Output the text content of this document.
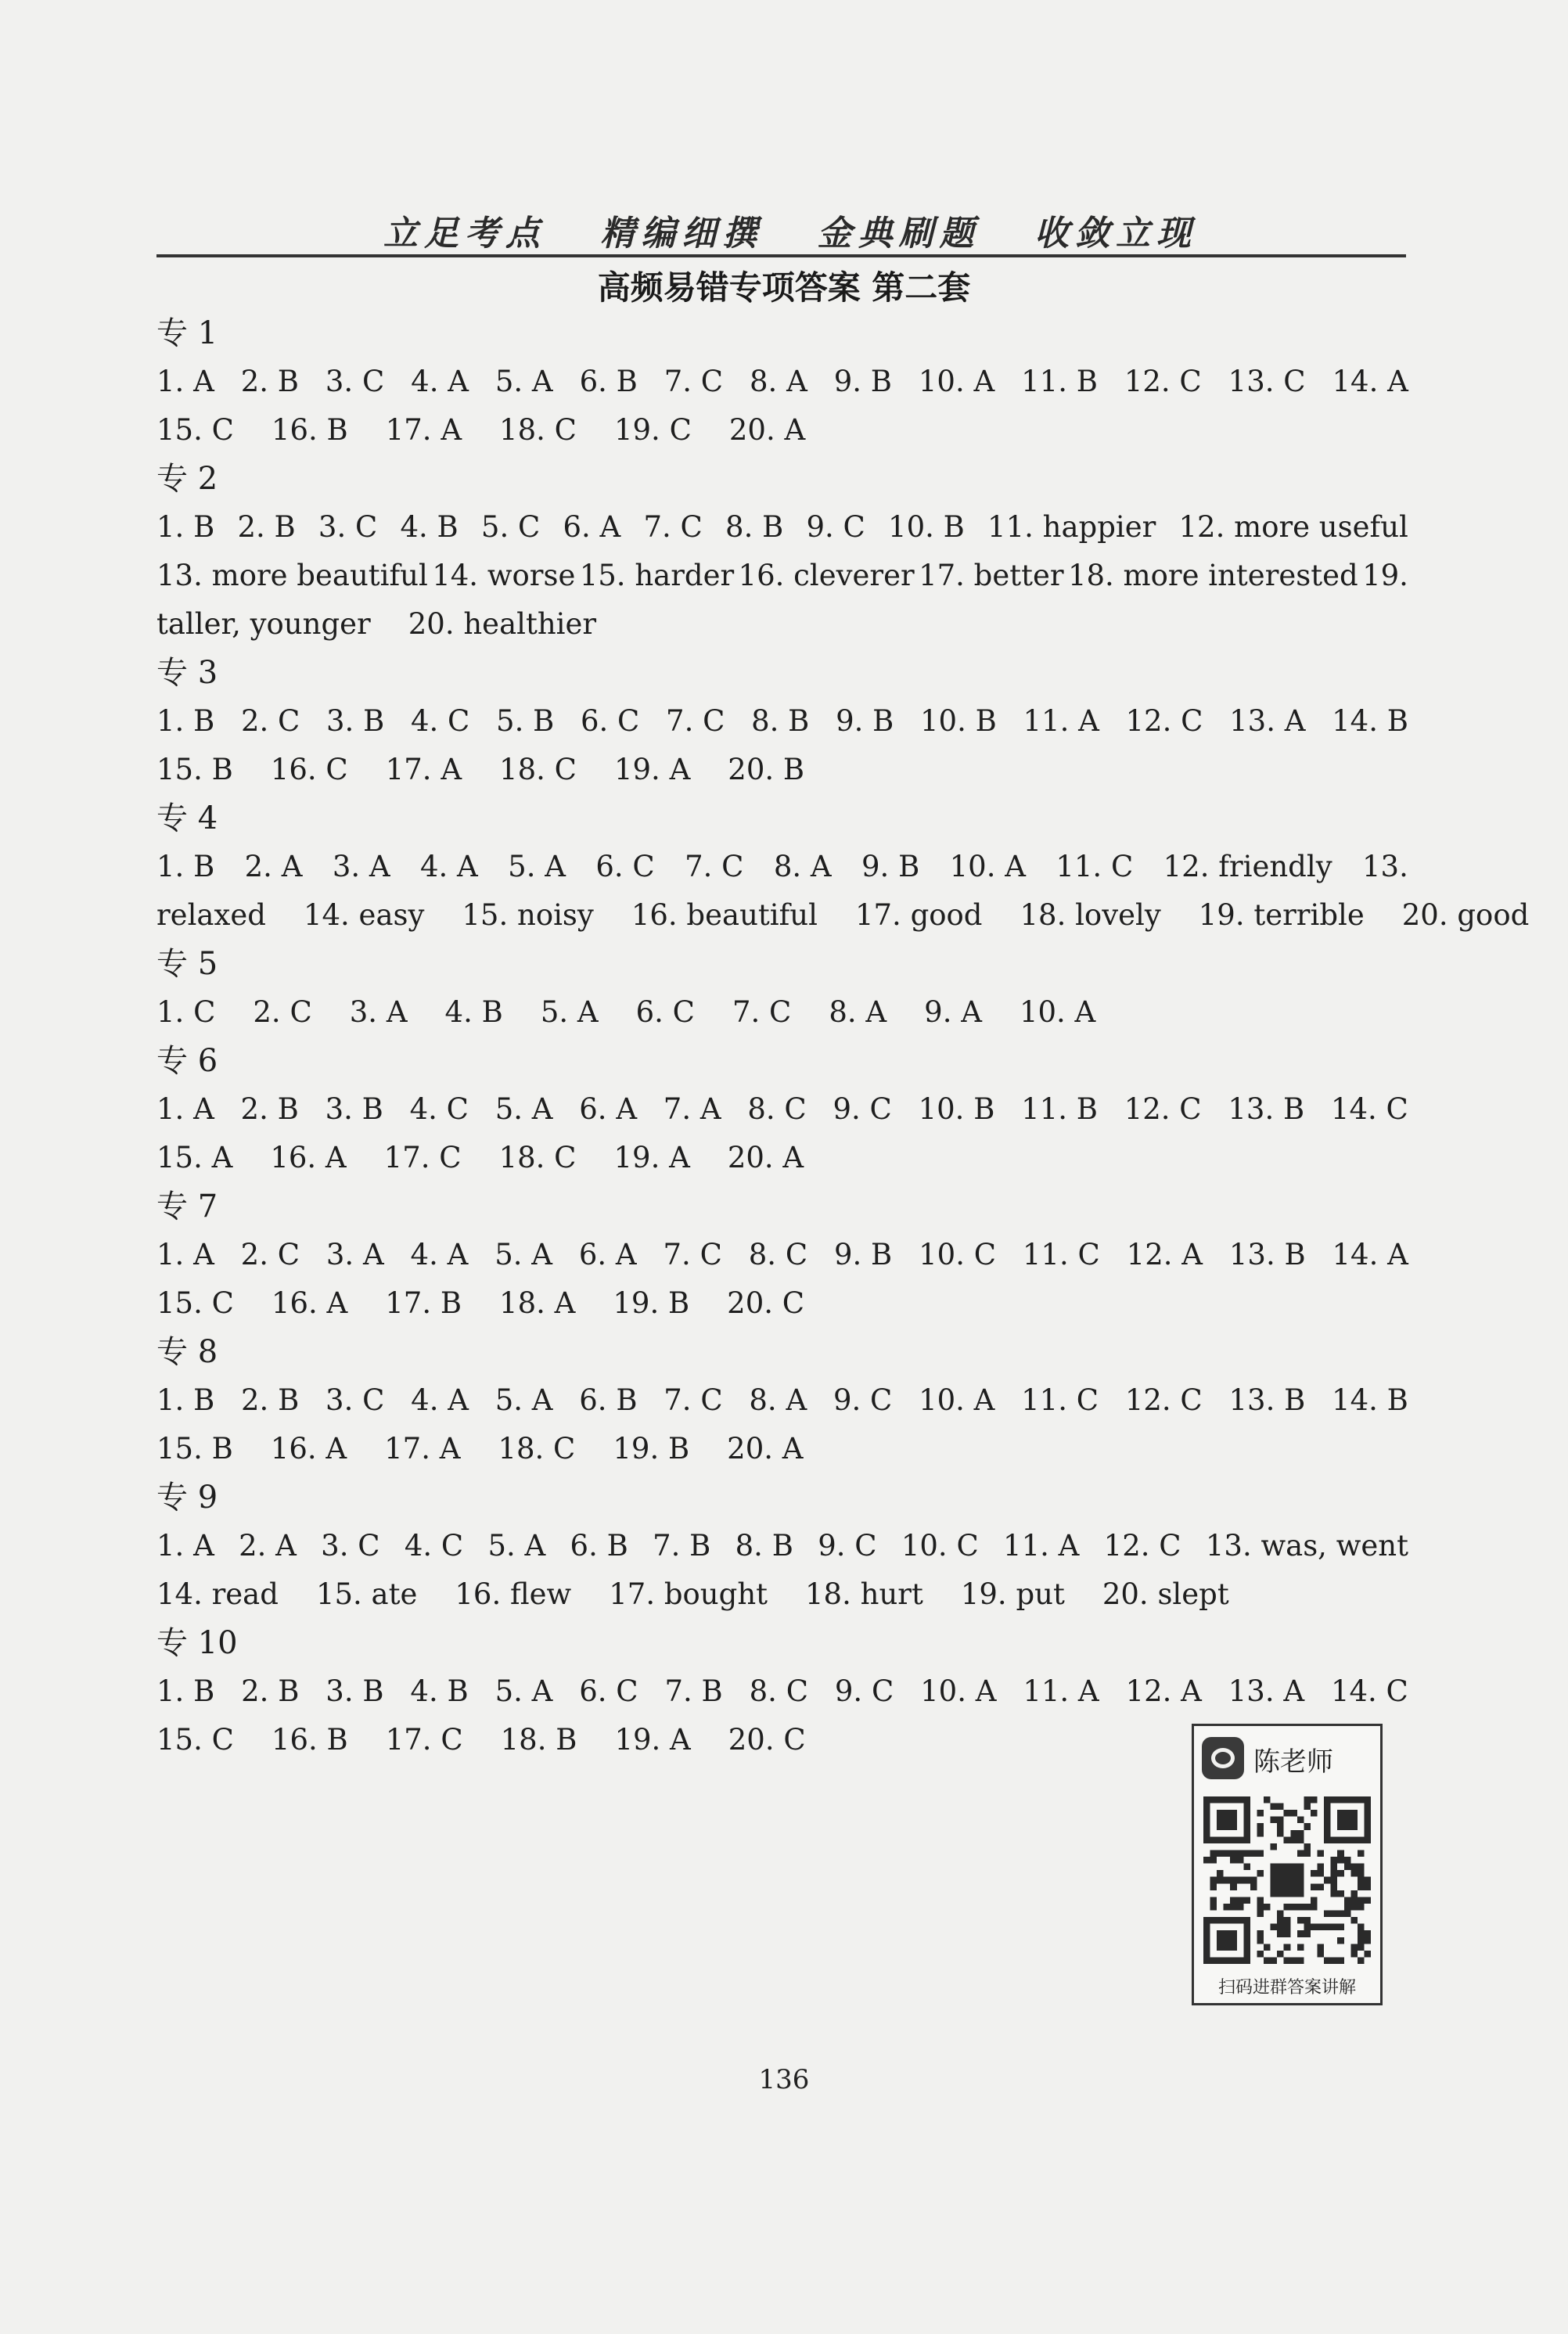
立足考点 精编细撰 金典刷题 收敛立现
高频易错专项答案 第二套
专 1
1. A 2. B 3. C 4. A 5. A 6. B 7. C 8. A 9. B 10. A 11. B 12. C 13. C 14. A
15. C 16. B 17. A 18. C 19. C 20. A
专 2
1. B 2. B 3. C 4. B 5. C 6. A 7. C 8. B 9. C 10. B 11. happier 12. more useful
13. more beautiful 14. worse 15. harder 16. cleverer 17. better 18. more interested 19.
taller, younger 20. healthier
专 3
1. B 2. C 3. B 4. C 5. B 6. C 7. C 8. B 9. B 10. B 11. A 12. C 13. A 14. B
15. B 16. C 17. A 18. C 19. A 20. B
专 4
1. B 2. A 3. A 4. A 5. A 6. C 7. C 8. A 9. B 10. A 11. C 12. friendly 13.
relaxed 14. easy 15. noisy 16. beautiful 17. good 18. lovely 19. terrible 20. good
专 5
1. C 2. C 3. A 4. B 5. A 6. C 7. C 8. A 9. A 10. A
专 6
1. A 2. B 3. B 4. C 5. A 6. A 7. A 8. C 9. C 10. B 11. B 12. C 13. B 14. C
15. A 16. A 17. C 18. C 19. A 20. A
专 7
1. A 2. C 3. A 4. A 5. A 6. A 7. C 8. C 9. B 10. C 11. C 12. A 13. B 14. A
15. C 16. A 17. B 18. A 19. B 20. C
专 8
1. B 2. B 3. C 4. A 5. A 6. B 7. C 8. A 9. C 10. A 11. C 12. C 13. B 14. B
15. B 16. A 17. A 18. C 19. B 20. A
专 9
1. A 2. A 3. C 4. C 5. A 6. B 7. B 8. B 9. C 10. C 11. A 12. C 13. was, went
14. read 15. ate 16. flew 17. bought 18. hurt 19. put 20. slept
专 10
1. B 2. B 3. B 4. B 5. A 6. C 7. B 8. C 9. C 10. A 11. A 12. A 13. A 14. C
15. C 16. B 17. C 18. B 19. A 20. C
陈老师
扫码进群答案讲解
136
